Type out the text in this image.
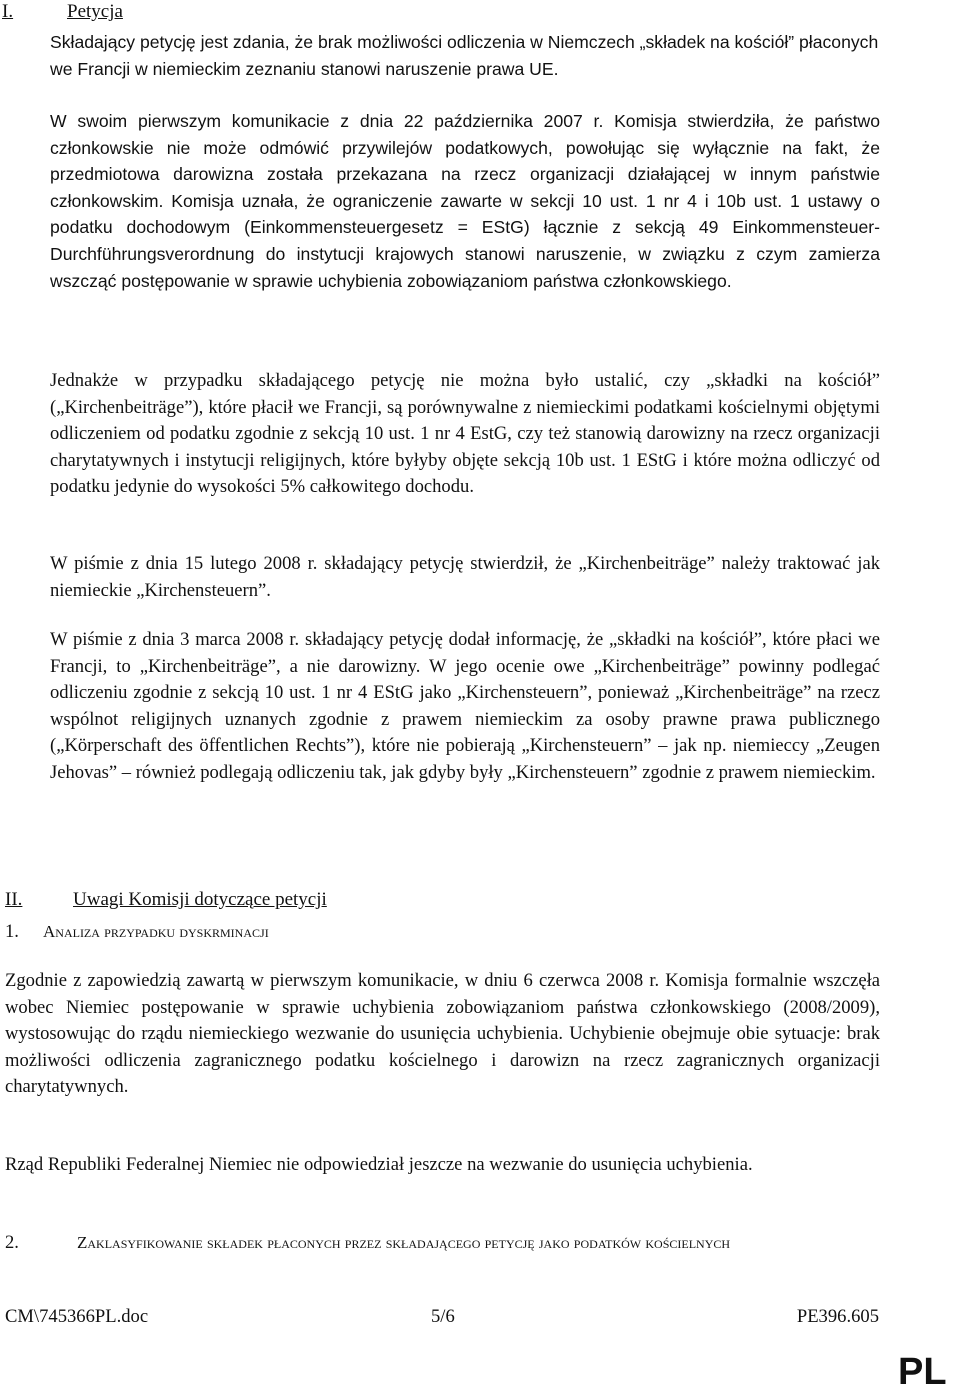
I.	Petycja

Składający petycję jest zdania, że brak możliwości odliczenia w Niemczech „składek na kościół” płaconych we Francji w niemieckim zeznaniu stanowi naruszenie prawa UE.

W swoim pierwszym komunikacie z dnia 22 października 2007 r. Komisja stwierdziła, że państwo członkowskie nie może odmówić przywilejów podatkowych, powołując się wyłącznie na fakt, że przedmiotowa darowizna została przekazana na rzecz organizacji działającej w innym państwie członkowskim. Komisja uznała, że ograniczenie zawarte w sekcji 10 ust. 1 nr 4 i 10b ust. 1 ustawy o podatku dochodowym (Einkommensteuergesetz = EStG) łącznie z sekcją 49 Einkommensteuer-Durchführungsverordnung do instytucji krajowych stanowi naruszenie, w związku z czym zamierza wszcząć postępowanie w sprawie uchybienia zobowiązaniom państwa członkowskiego.

Jednakże w przypadku składającego petycję nie można było ustalić, czy „składki na kościół” („Kirchenbeiträge”), które płacił we Francji, są porównywalne z niemieckimi podatkami kościelnymi objętymi odliczeniem od podatku zgodnie z sekcją 10 ust. 1 nr 4 EstG, czy też stanowią darowizny na rzecz organizacji charytatywnych i instytucji religijnych, które byłyby objęte sekcją 10b ust. 1 EStG i które można odliczyć od podatku jedynie do wysokości 5% całkowitego dochodu.

W piśmie z dnia 15 lutego 2008 r. składający petycję stwierdził, że „Kirchenbeiträge” należy traktować jak niemieckie „Kirchensteuern”.

W piśmie z dnia 3 marca 2008 r. składający petycję dodał informację, że „składki na kościół”, które płaci we Francji, to „Kirchenbeiträge”, a nie darowizny. W jego ocenie owe „Kirchenbeiträge” powinny podlegać odliczeniu zgodnie z sekcją 10 ust. 1 nr 4 EStG jako „Kirchensteuern”, ponieważ „Kirchenbeiträge” na rzecz wspólnot religijnych uznanych zgodnie z prawem niemieckim za osoby prawne prawa publicznego („Körperschaft des öffentlichen Rechts”), które nie pobierają „Kirchensteuern” – jak np. niemieccy „Zeugen Jehovas” – również podlegają odliczeniu tak, jak gdyby były „Kirchensteuern” zgodnie z prawem niemieckim.

II.	Uwagi Komisji dotyczące petycji
1. Analiza przypadku dyskrminacji

Zgodnie z zapowiedzią zawartą w pierwszym komunikacie, w dniu 6 czerwca 2008 r. Komisja formalnie wszczęła wobec Niemiec postępowanie w sprawie uchybienia zobowiązaniom państwa członkowskiego (2008/2009), wystosowując do rządu niemieckiego wezwanie do usunięcia uchybienia. Uchybienie obejmuje obie sytuacje: brak możliwości odliczenia zagranicznego podatku kościelnego i darowizn na rzecz zagranicznych organizacji charytatywnych.

Rząd Republiki Federalnej Niemiec nie odpowiedział jeszcze na wezwanie do usunięcia uchybienia.

2.	Zaklasyfikowanie składek płaconych przez składającego petycję jako podatków kościelnych
CM\745366PL.doc	5/6	PE396.605
PL
